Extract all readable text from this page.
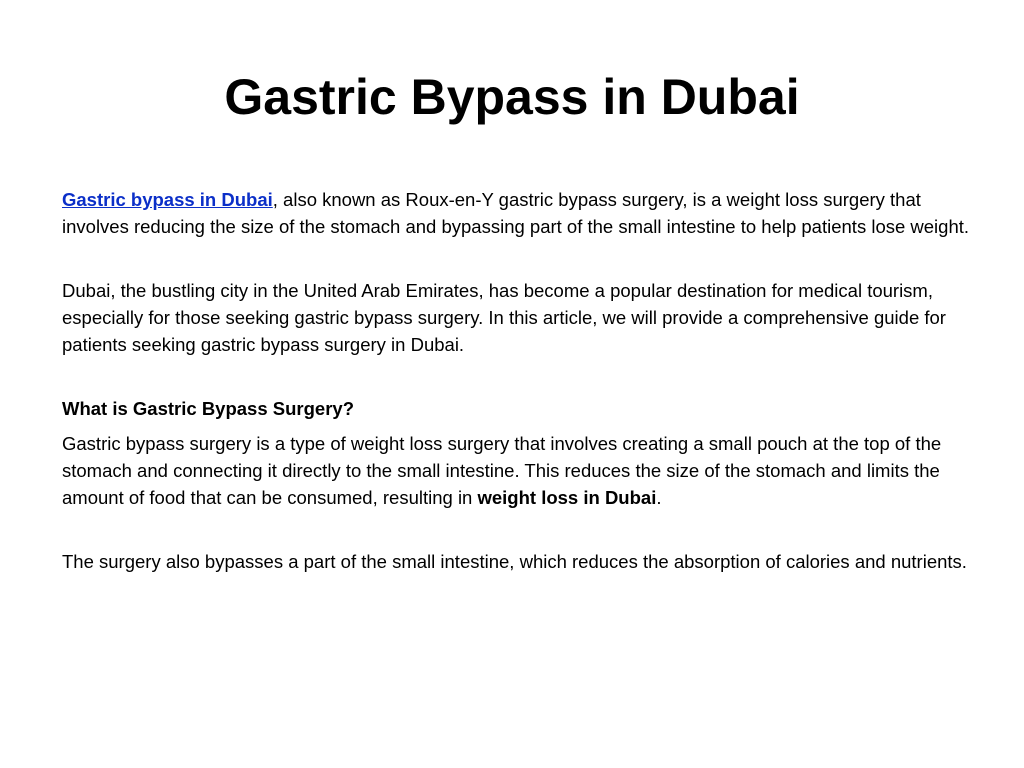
Gastric Bypass in Dubai

Gastric bypass in Dubai, also known as Roux-en-Y gastric bypass surgery, is a weight loss surgery that involves reducing the size of the stomach and bypassing part of the small intestine to help patients lose weight.

Dubai, the bustling city in the United Arab Emirates, has become a popular destination for medical tourism, especially for those seeking gastric bypass surgery. In this article, we will provide a comprehensive guide for patients seeking gastric bypass surgery in Dubai.

What is Gastric Bypass Surgery?

Gastric bypass surgery is a type of weight loss surgery that involves creating a small pouch at the top of the stomach and connecting it directly to the small intestine. This reduces the size of the stomach and limits the amount of food that can be consumed, resulting in weight loss in Dubai.

The surgery also bypasses a part of the small intestine, which reduces the absorption of calories and nutrients.
